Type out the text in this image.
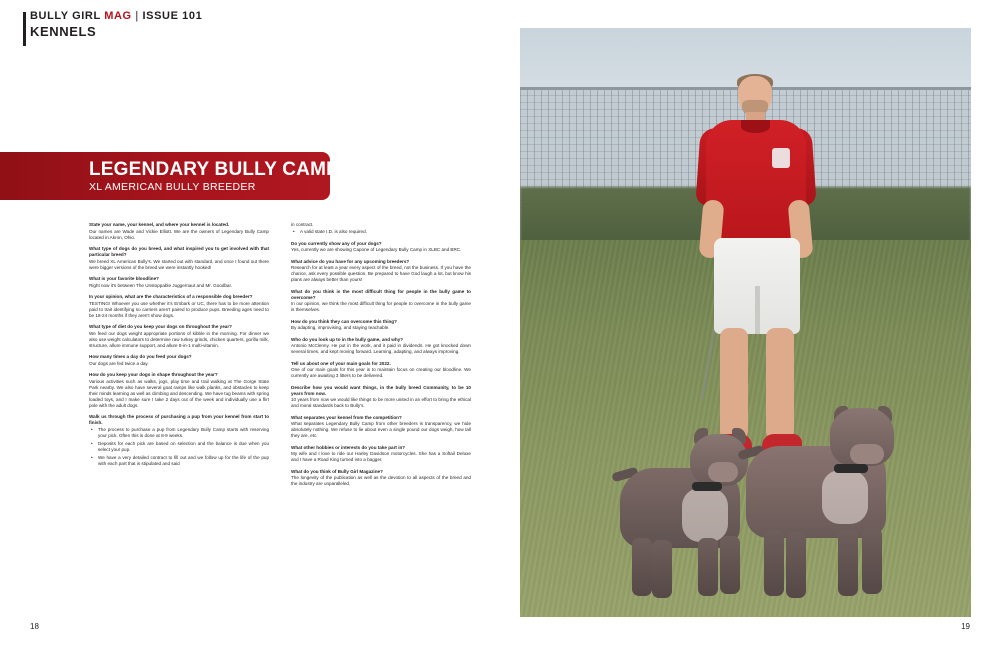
BULLY GIRL MAG | ISSUE 101
KENNELS
LEGENDARY BULLY CAMP
XL AMERICAN BULLY BREEDER
State your name, your kennel, and where your kennel is located.
Our names are Wade and Vickie Elliott. We are the owners of Legendary Bully Camp located in Akron, Ohio.
What type of dogs do you breed, and what inspired you to get involved with that particular breed?
We breed XL American Bully's. We started out with standard, and once I found out there were bigger versions of the breed we were instantly hooked!
What is your favorite bloodline?
Right now it's between The Unstoppable Juggernaut and Mr. Goodbar.
In your opinion, what are the characteristics of a responsible dog breeder?
TESTING! Whoever you use whether it's Embark or UC, there has to be more attention paid to trait identifying so carriers aren't paired to produce pups. Breeding ages need to be 18-24 months if they aren't show dogs.
What type of diet do you keep your dogs on throughout the year?
We feed our dogs weight appropriate portions of kibble in the morning. For dinner we also use weight calculators to determine raw turkey grinds, chicken quarters, gorilla milk, structure, allure immune support, and allure 8-in-1 multi-vitamin.
How many times a day do you feed your dogs?
Our dogs are fed twice a day.
How do you keep your dogs in shape throughout the year?
Various activities such as walks, jogs, play time and trail walking at The Gorge State Park nearby. We also have several goat ramps like walk planks, and obstacles to keep their minds learning as well as climbing and descending. We have tug beams with spring loaded toys, and I make sure I take 2 days out of the week and individually use a flirt pole with the adult dogs.
Walk us through the process of purchasing a pup from your kennel from start to finish.
• The process to purchase a pup from Legendary Bully Camp starts with reserving your pick. Often this is done at 8-9 weeks.
• Deposits for each pick are based on selection and the balance is due when you select your pup.
• We have a very detailed contract to fill out and we follow up for the life of the pup with each part that is stipulated and said
in contract.
• A valid state I.D. is also required.
Do you currently show any of your dogs?
Yes, currently we are showing Capone of Legendary Bully Camp in XLBC and BRC.
What advice do you have for any upcoming breeders?
Research for at least a year every aspect of the breed, not the business. If you have the chance, ask every possible question. Be prepared to have God laugh a lot, but know his plans are always better than yours!
What do you think is the most difficult thing for people in the bully game to overcome?
In our opinion, we think the most difficult thing for people to overcome in the bully game is themselves.
How do you think they can overcome this thing?
By adapting, improvising, and staying teachable.
Who do you look up to in the bully game, and why?
Antonio McClenny. He put in the work, and it paid in dividends. He got knocked down several times, and kept moving forward. Learning, adapting, and always improving.
Tell us about one of your main goals for 2022.
One of our main goals for this year is to maintain focus on creating our bloodline. We currently are awaiting 3 litters to be delivered.
Describe how you would want things, in the bully breed Community, to be 10 years from now.
10 years from now we would like things to be more united in an effort to bring the ethical and moral standards back to Bully's.
What separates your kennel from the competition?
What separates Legendary Bully Camp from other breeders is transparency, we hide absolutely nothing. We refuse to lie about even a single pound our dogs weigh, how tall they are, etc.
What other hobbies or interests do you take part in?
My wife and I love to ride our Harley Davidson motorcycles. She has a Softail Deluxe and I have a Road King turned into a bagger.
What do you think of Bully Girl Magazine?
The longevity of the publication as well as the devotion to all aspects of the breed and the industry are unparalleled.
18	19
